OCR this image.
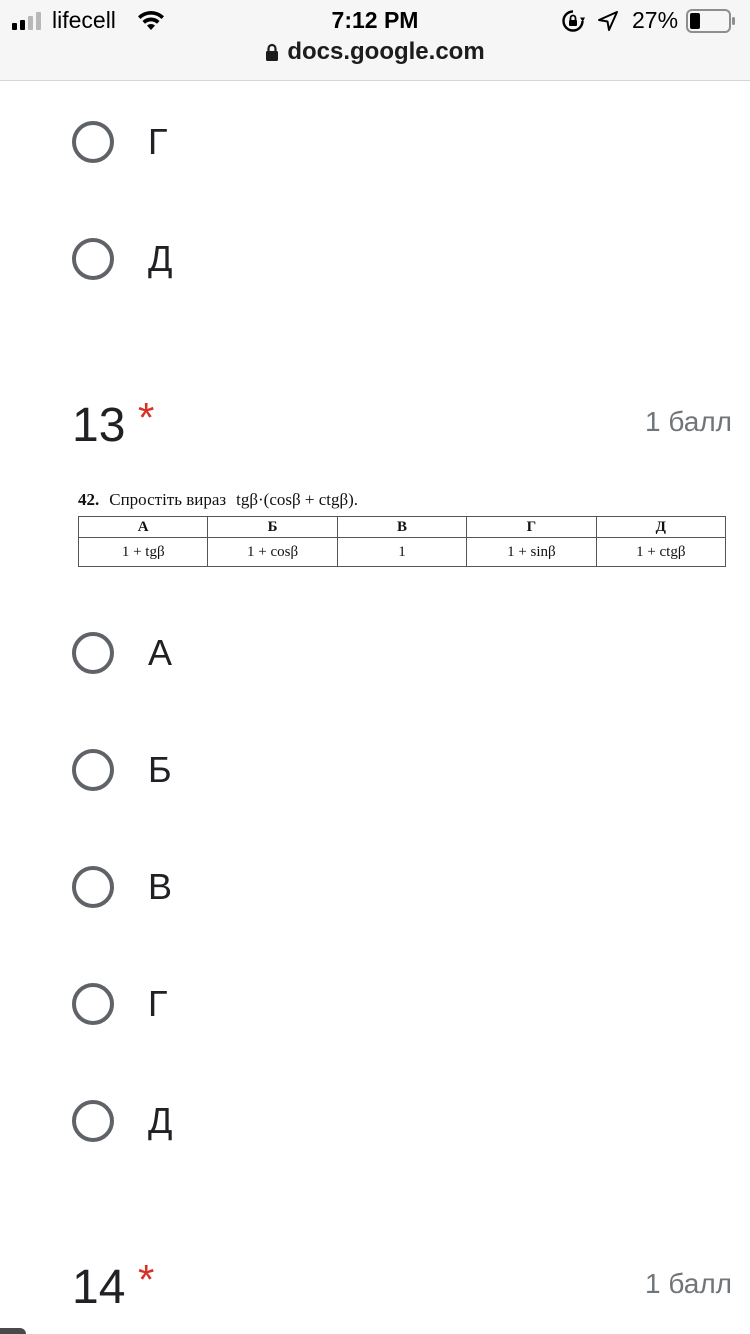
lifecell	7:12 PM	27%
docs.google.com
Г
Д
13 *	1 балл
42. Спростіть вираз tgβ·(cosβ + ctgβ).
А	Б	В	Г	Д
1 + tgβ	1 + cosβ	1	1 + sinβ	1 + ctgβ
А
Б
В
Г
Д
14 *	1 балл
